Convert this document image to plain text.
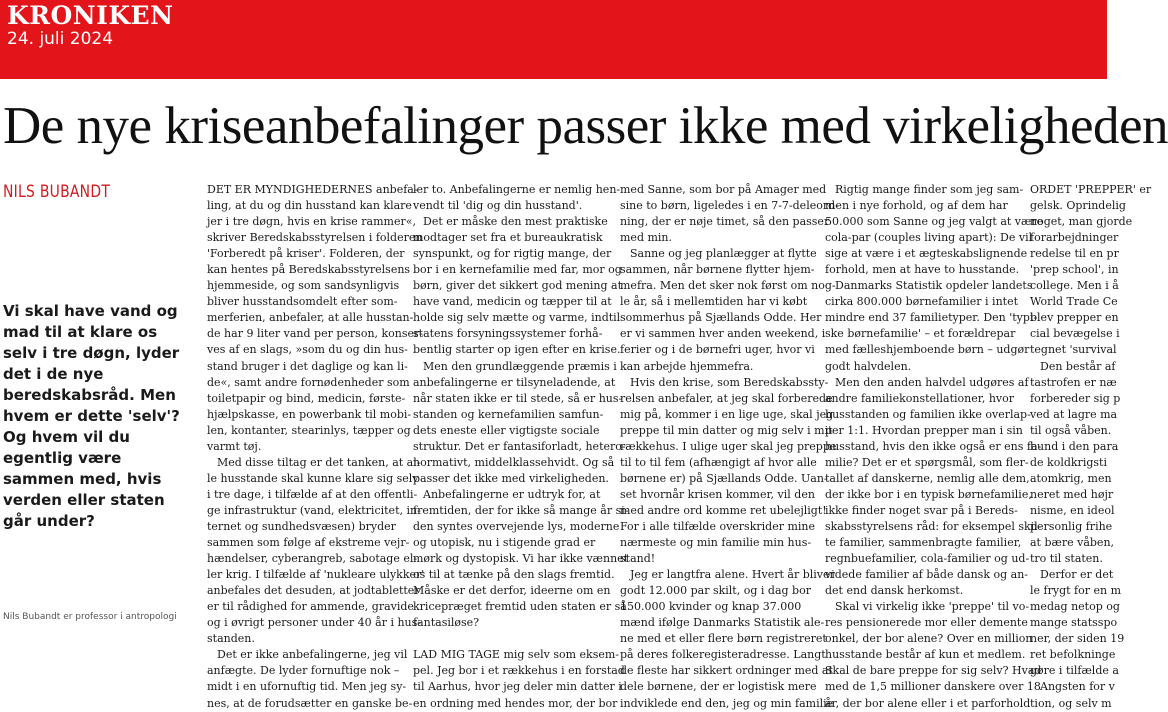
KRONIKEN
24. juli 2024
De nye kriseanbefalinger passer ikke med virkeligheden
NILS BUBANDT
Vi skal have vand og mad til at klare os selv i tre døgn, lyder det i de nye beredskabsråd. Men hvem er dette 'selv'? Og hvem vil du egentlig være sammen med, hvis verden eller staten går under?
Nils Bubandt er professor i antropologi
DET ER MYNDIGHEDERNES anbefa-
ling, at du og din husstand kan klare
jer i tre døgn, hvis en krise rammer«,
skriver Beredskabsstyrelsen i folderen
'Forberedt på kriser'. Folderen, der
kan hentes på Beredskabsstyrelsens
hjemmeside, og som sandsynligvis
bliver husstandsomdelt efter som-
merferien, anbefaler, at alle husstan-
de har 9 liter vand per person, konser-
ves af en slags, »som du og din hus-
stand bruger i det daglige og kan li-
de«, samt andre fornødenheder som
toiletpapir og bind, medicin, første-
hjælpskasse, en powerbank til mobi-
len, kontanter, stearinlys, tæpper og
varmt tøj.
Med disse tiltag er det tanken, at al-
le husstande skal kunne klare sig selv
i tre dage, i tilfælde af at den offentli-
ge infrastruktur (vand, elektricitet, in-
ternet og sundhedsvæsen) bryder
sammen som følge af ekstreme vejr-
hændelser, cyberangreb, sabotage el-
ler krig. I tilfælde af 'nukleare ulykker'
anbefales det desuden, at jodtabletter
er til rådighed for ammende, gravide
og i øvrigt personer under 40 år i hus-
standen.
Det er ikke anbefalingerne, jeg vil
anfægte. De lyder fornuftige nok –
midt i en ufornuftig tid. Men jeg sy-
nes, at de forudsætter en ganske be-
ler to. Anbefalingerne er nemlig hen-
vendt til 'dig og din husstand'.
Det er måske den mest praktiske
modtager set fra et bureaukratisk
synspunkt, og for rigtig mange, der
bor i en kernefamilie med far, mor og
børn, giver det sikkert god mening at
have vand, medicin og tæpper til at
holde sig selv mætte og varme, indtil
statens forsyningssystemer forhå-
bentlig starter op igen efter en krise.
Men den grundlæggende præmis i
anbefalingerne er tilsyneladende, at
når staten ikke er til stede, så er hus-
standen og kernefamilien samfun-
dets eneste eller vigtigste sociale
struktur. Det er fantasiforladt, hetero-
normativt, middelklassehvidt. Og så
passer det ikke med virkeligheden.
Anbefalingerne er udtryk for, at
fremtiden, der for ikke så mange år si-
den syntes overvejende lys, moderne
og utopisk, nu i stigende grad er
mørk og dystopisk. Vi har ikke vænnet
os til at tænke på den slags fremtid.
Måske er det derfor, ideerne om en
kriсepræget fremtid uden staten er så
fantasiløse?

LAD MIG TAGE mig selv som eksem-
pel. Jeg bor i et rækkehus i en forstad
til Aarhus, hvor jeg deler min datter i
en ordning med hendes mor, der bor
med Sanne, som bor på Amager med
sine to børn, ligeledes i en 7-7-deleord-
ning, der er nøje timet, så den passer
med min.
Sanne og jeg planlægger at flytte
sammen, når børnene flytter hjem-
mefra. Men det sker nok først om nog-
le år, så i mellemtiden har vi købt
sommerhus på Sjællands Odde. Her
er vi sammen hver anden weekend, i
ferier og i de børnefri uger, hvor vi
kan arbejde hjemmefra.
Hvis den krise, som Beredskabssty-
relsen anbefaler, at jeg skal forberede
mig på, kommer i en lige uge, skal jeg
preppe til min datter og mig selv i mit
rækkehus. I ulige uger skal jeg preppe
til to til fem (afhængigt af hvor alle
børnene er) på Sjællands Odde. Uan-
set hvornår krisen kommer, vil den
med andre ord komme ret ubelejligt!
For i alle tilfælde overskrider mine
nærmeste og min familie min hus-
stand!
Jeg er langtfra alene. Hvert år bliver
godt 12.000 par skilt, og i dag bor
150.000 kvinder og knap 37.000
mænd ifølge Danmarks Statistik ale-
ne med et eller flere børn registreret
på deres folkeregisteradresse. Langt
de fleste har sikkert ordninger med at
dele børnene, der er logistisk mere
indviklede end den, jeg og min familie
Rigtig mange finder som jeg sam-
men i nye forhold, og af dem har
50.000 som Sanne og jeg valgt at være
cola-par (couples living apart): De vil
sige at være i et ægteskabslignende
forhold, men at have to husstande.
Danmarks Statistik opdeler landets
cirka 800.000 børnefamilier i intet
mindre end 37 familietyper. Den 'typi-
ske børnefamilie' – et forældrepar
med fælleshjemboende børn – udgør
godt halvdelen.
Men den anden halvdel udgøres af
andre familiekonstellationer, hvor
husstanden og familien ikke overlap-
per 1:1. Hvordan prepper man i sin
husstand, hvis den ikke også er ens fa-
milie? Det er et spørgsmål, som fler-
tallet af danskerne, nemlig alle dem,
der ikke bor i en typisk børnefamilie,
ikke finder noget svar på i Bereds-
skabsstyrelsens råd: for eksempel skil-
te familier, sammenbragte familier,
regnbuefamilier, cola-familier og ud-
videde familier af både dansk og an-
det end dansk herkomst.
Skal vi virkelig ikke 'preppe' til vo-
res pensionerede mor eller demente
onkel, der bor alene? Over en million
husstande består af kun et medlem.
Skal de bare preppe for sig selv? Hvad
med de 1,5 millioner danskere over 18
år, der bor alene eller i et parforhold
ORDET 'PREPPER' er
gelsk. Oprindelig
noget, man gjorde
forarbejdninger
redelse til en pr
'prep school', in
college. Men i å
World Trade Ce
blev prepper en
cial bevægelse i
tegnet 'survival
Den består af
tastrofen er næ
forbereder sig p
ved at lagre ma
til også våben.
bund i den para
de koldkrigsti
atomkrig, men
neret med højr
nisme, en ideol
personlig frihe
at bære våben,
tro til staten.
Derfor er det
le frygt for en m
medag netop og
mange statsspo
ner, der siden 19
ret befolkninge
gøre i tilfælde a
Angsten for v
tion, og selv m
